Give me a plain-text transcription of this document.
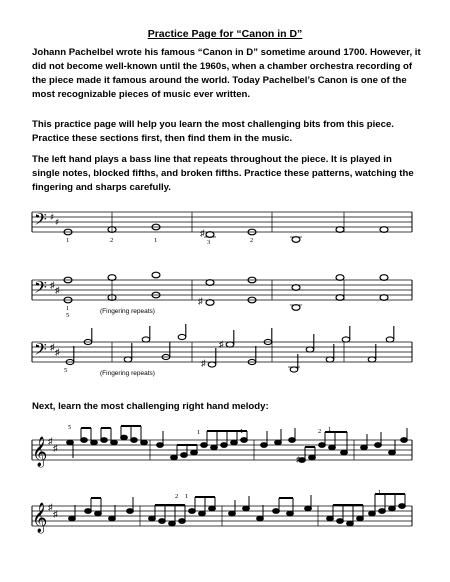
Practice Page for “Canon in D”

Johann Pachelbel wrote his famous “Canon in D” sometime around 1700. However, it did not become well-known until the 1960s, when a chamber orchestra recording of the piece made it famous around the world. Today Pachelbel’s Canon is one of the most recognizable pieces of music ever written.

This practice page will help you learn the most challenging bits from this piece. Practice these sections first, then find them in the music.

The left hand plays a bass line that repeats throughout the piece. It is played in single notes, blocked fifths, and broken fifths. Practice these patterns, watching the fingering and sharps carefully.

Next, learn the most challenging right hand melody:

𝄢 ♯ ♯
♯
1	2	1	3	2
𝄢 ♯ ♯
♯
1
5
(Fingering repeats)
𝄢 ♯ ♯
♯
♯
5	(Fingering repeats)
𝄞 ♯
♯
♯
5
1	1	2 1
𝄞 ♯
♯
2 1
1
